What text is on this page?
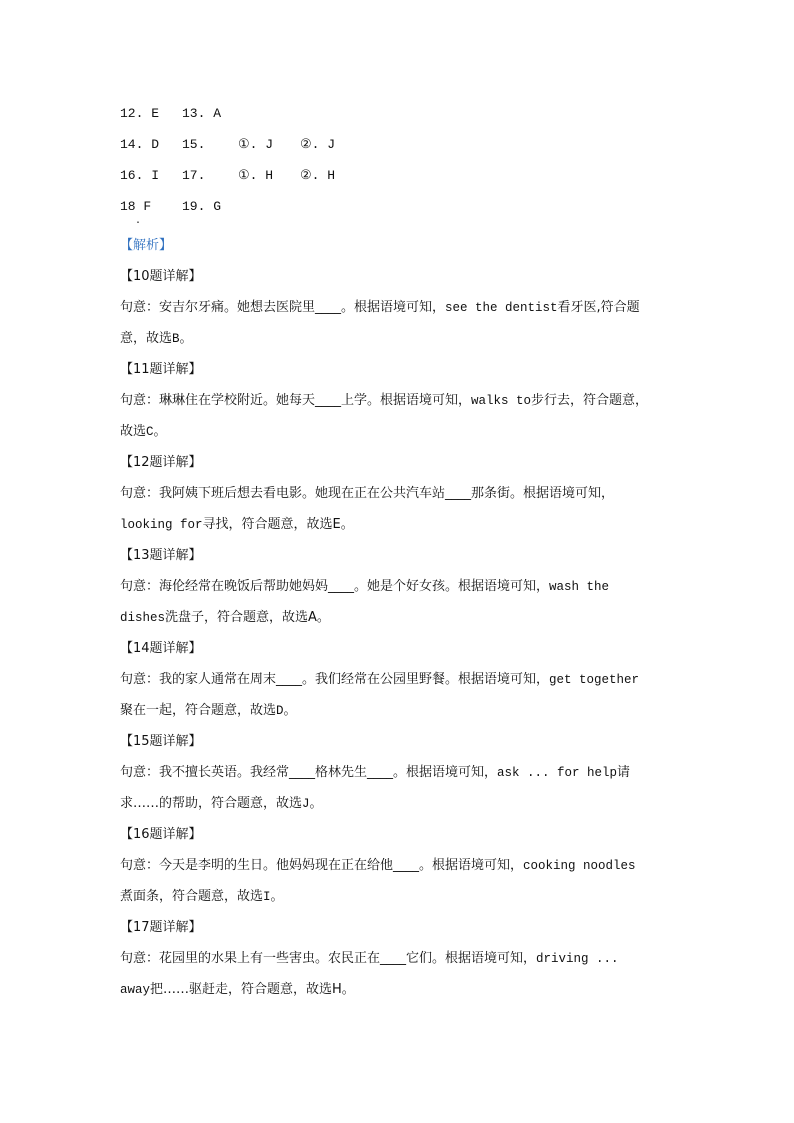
12. E 13. A
14. D 15.	①. J ②. J
16. I 17.	①. H ②. H
18 F 19. G
.
【解析】
【10题详解】
句意：安吉尔牙痛。她想去医院里____。根据语境可知，see the dentist看牙医,符合题
意，故选B。
【11题详解】
句意：琳琳住在学校附近。她每天____上学。根据语境可知，walks to步行去，符合题意，
故选C。
【12题详解】
句意：我阿姨下班后想去看电影。她现在正在公共汽车站____那条街。根据语境可知，
looking for寻找，符合题意，故选E。
【13题详解】
句意：海伦经常在晚饭后帮助她妈妈____。她是个好女孩。根据语境可知，wash the
dishes洗盘子，符合题意，故选A。
【14题详解】
句意：我的家人通常在周末____。我们经常在公园里野餐。根据语境可知，get together
聚在一起，符合题意，故选D。
【15题详解】
句意：我不擅长英语。我经常____格林先生____。根据语境可知，ask ... for help请
求……的帮助，符合题意，故选J。
【16题详解】
句意：今天是李明的生日。他妈妈现在正在给他____。根据语境可知，cooking noodles
煮面条，符合题意，故选I。
【17题详解】
句意：花园里的水果上有一些害虫。农民正在____它们。根据语境可知，driving ...
away把……驱赶走，符合题意，故选H。
